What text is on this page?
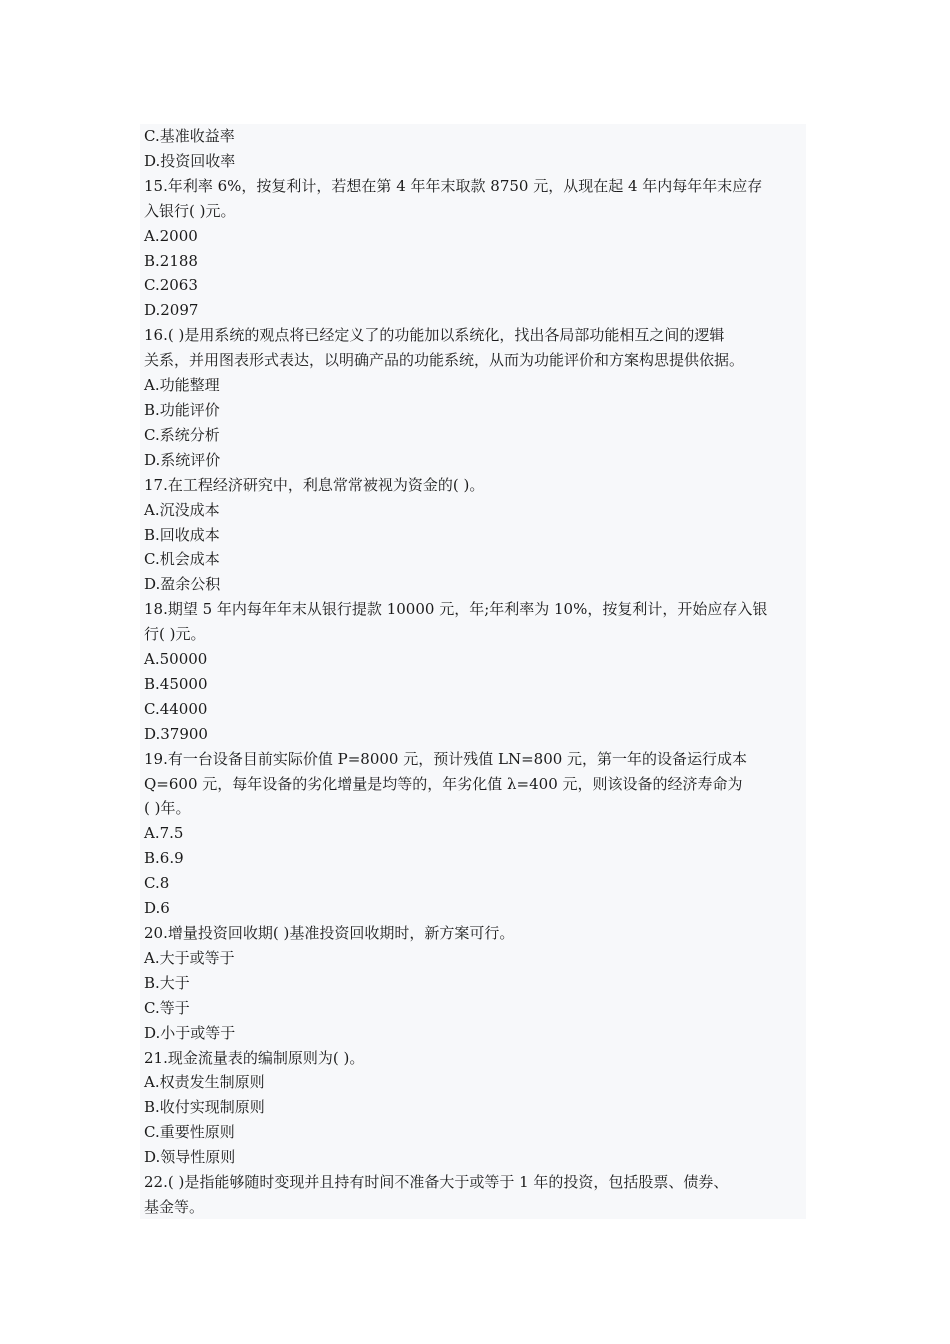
C.基准收益率
D.投资回收率
15.年利率 6%，按复利计，若想在第 4 年年末取款 8750 元，从现在起 4 年内每年年末应存
入银行( )元。
A.2000
B.2188
C.2063
D.2097
16.( )是用系统的观点将已经定义了的功能加以系统化，找出各局部功能相互之间的逻辑
关系，并用图表形式表达，以明确产品的功能系统，从而为功能评价和方案构思提供依据。
A.功能整理
B.功能评价
C.系统分析
D.系统评价
17.在工程经济研究中，利息常常被视为资金的( )。
A.沉没成本
B.回收成本
C.机会成本
D.盈余公积
18.期望 5 年内每年年末从银行提款 10000 元，年;年利率为 10%，按复利计，开始应存入银
行( )元。
A.50000
B.45000
C.44000
D.37900
19.有一台设备目前实际价值 P=8000 元，预计残值 LN=800 元，第一年的设备运行成本
Q=600 元，每年设备的劣化增量是均等的，年劣化值 λ=400 元，则该设备的经济寿命为
( )年。
A.7.5
B.6.9
C.8
D.6
20.增量投资回收期( )基准投资回收期时，新方案可行。
A.大于或等于
B.大于
C.等于
D.小于或等于
21.现金流量表的编制原则为( )。
A.权责发生制原则
B.收付实现制原则
C.重要性原则
D.领导性原则
22.( )是指能够随时变现并且持有时间不准备大于或等于 1 年的投资，包括股票、债券、
基金等。
